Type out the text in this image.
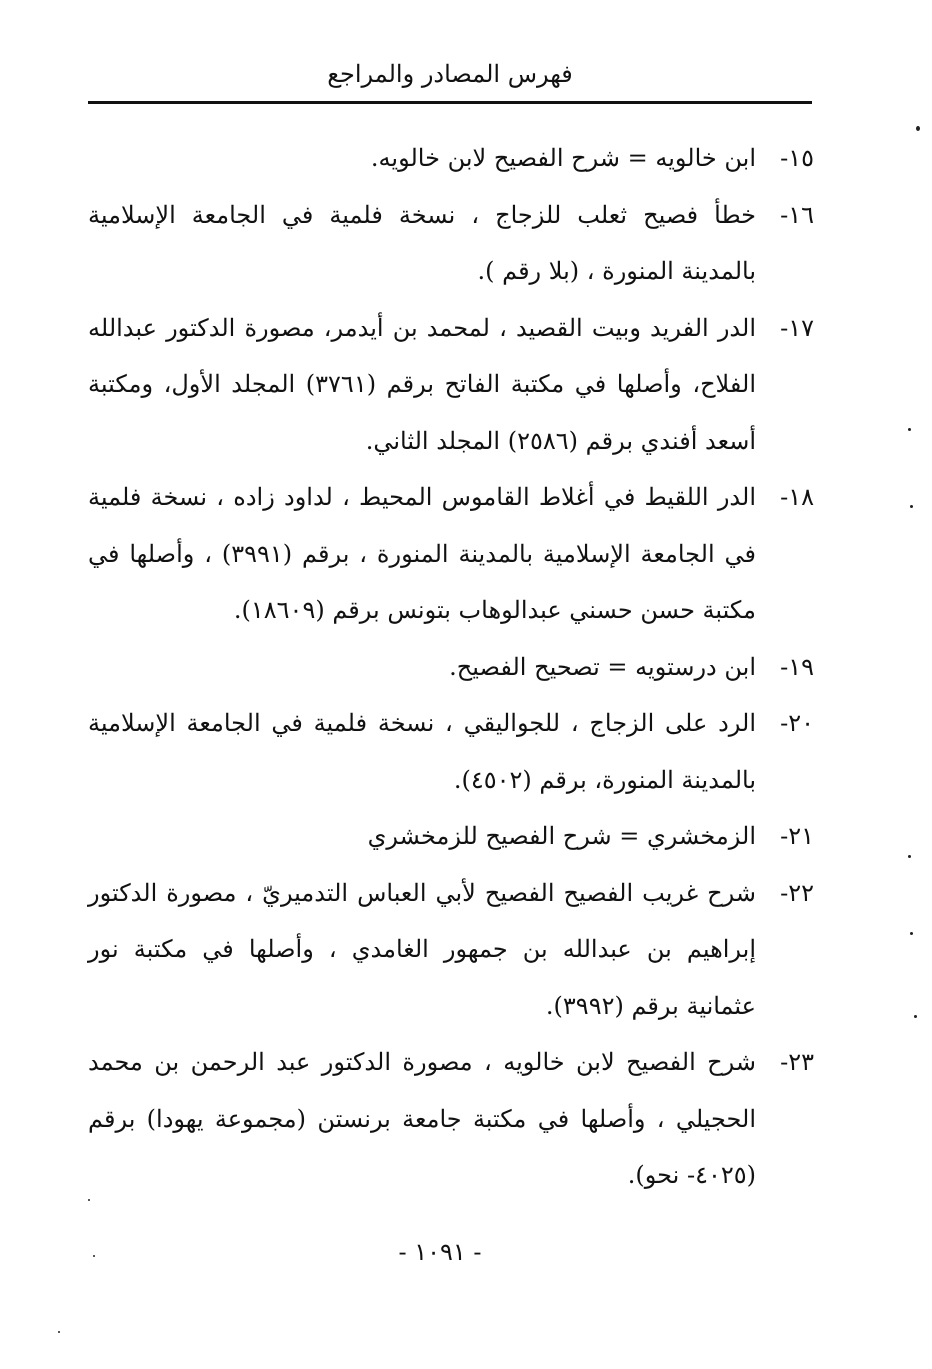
فهرس المصادر والمراجع
١٥-
ابن خالويه = شرح الفصيح لابن خالويه.
١٦-
خطأ فصيح ثعلب للزجاج ، نسخة فلمية في الجامعة الإسلامية بالمدينة المنورة ، (بلا رقم ).
١٧-
الدر الفريد وبيت القصيد ، لمحمد بن أيدمر، مصورة الدكتور عبدالله الفلاح، وأصلها في مكتبة الفاتح برقم (٣٧٦١) المجلد الأول، ومكتبة أسعد أفندي برقم (٢٥٨٦) المجلد الثاني.
١٨-
الدر اللقيط في أغلاط القاموس المحيط ، لداود زاده ، نسخة فلمية في الجامعة الإسلامية بالمدينة المنورة ، برقم (٣٩٩١) ، وأصلها في مكتبة حسن حسني عبدالوهاب بتونس برقم (١٨٦٠٩).
١٩-
ابن درستويه = تصحيح الفصيح.
٢٠-
الرد على الزجاج ، للجواليقي ، نسخة فلمية في الجامعة الإسلامية بالمدينة المنورة، برقم (٤٥٠٢).
٢١-
الزمخشري = شرح الفصيح للزمخشري
٢٢-
شرح غريب الفصيح الفصيح لأبي العباس التدميريّ ، مصورة الدكتور إبراهيم بن عبدالله بن جمهور الغامدي ، وأصلها في مكتبة نور عثمانية برقم (٣٩٩٢).
٢٣-
شرح الفصيح لابن خالويه ، مصورة الدكتور عبد الرحمن بن محمد الحجيلي ، وأصلها في مكتبة جامعة برنستن (مجموعة يهودا) برقم (٤٠٢٥- نحو).
- ١٠٩١ -
